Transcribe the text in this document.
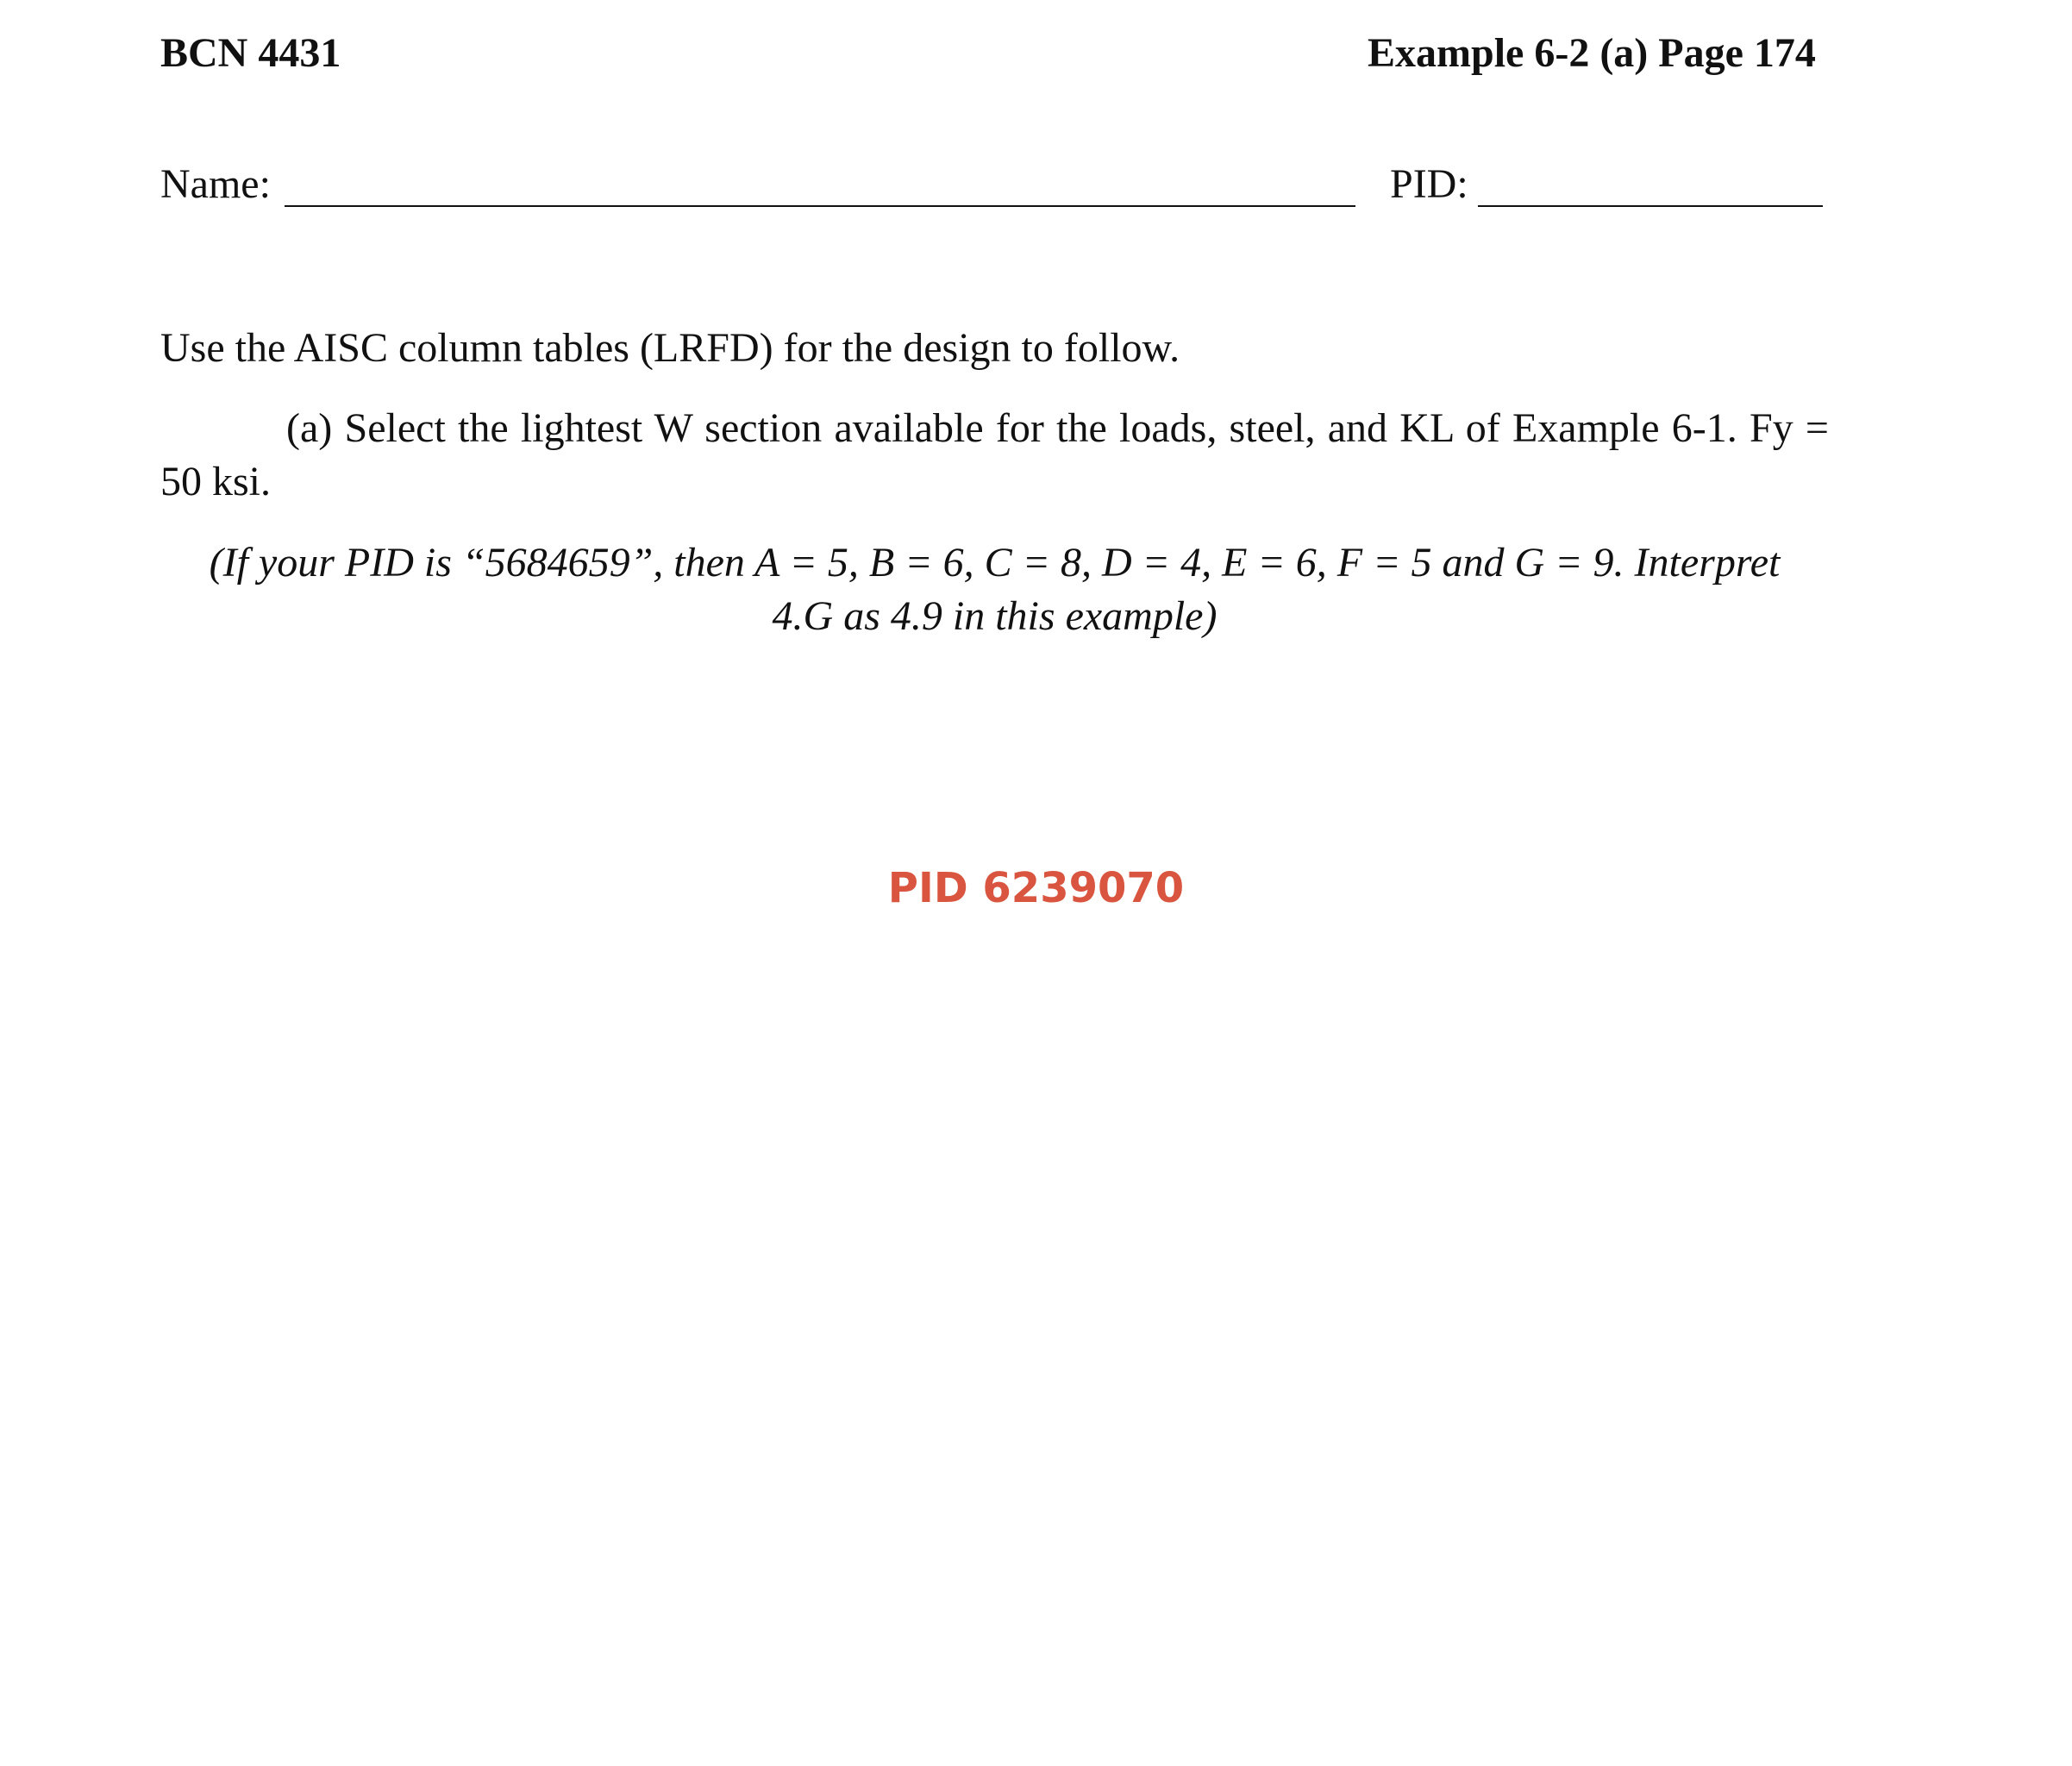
BCN 4431	Example 6-2 (a) Page 174
Name:	PID:
Use the AISC column tables (LRFD) for the design to follow.
(a) Select the lightest W section available for the loads, steel, and KL of Example 6-1. Fy = 50 ksi.
(If your PID is “5684659”, then A = 5, B = 6, C = 8, D = 4, E = 6, F = 5 and G = 9. Interpret
4.G as 4.9 in this example)
PID 6239070
